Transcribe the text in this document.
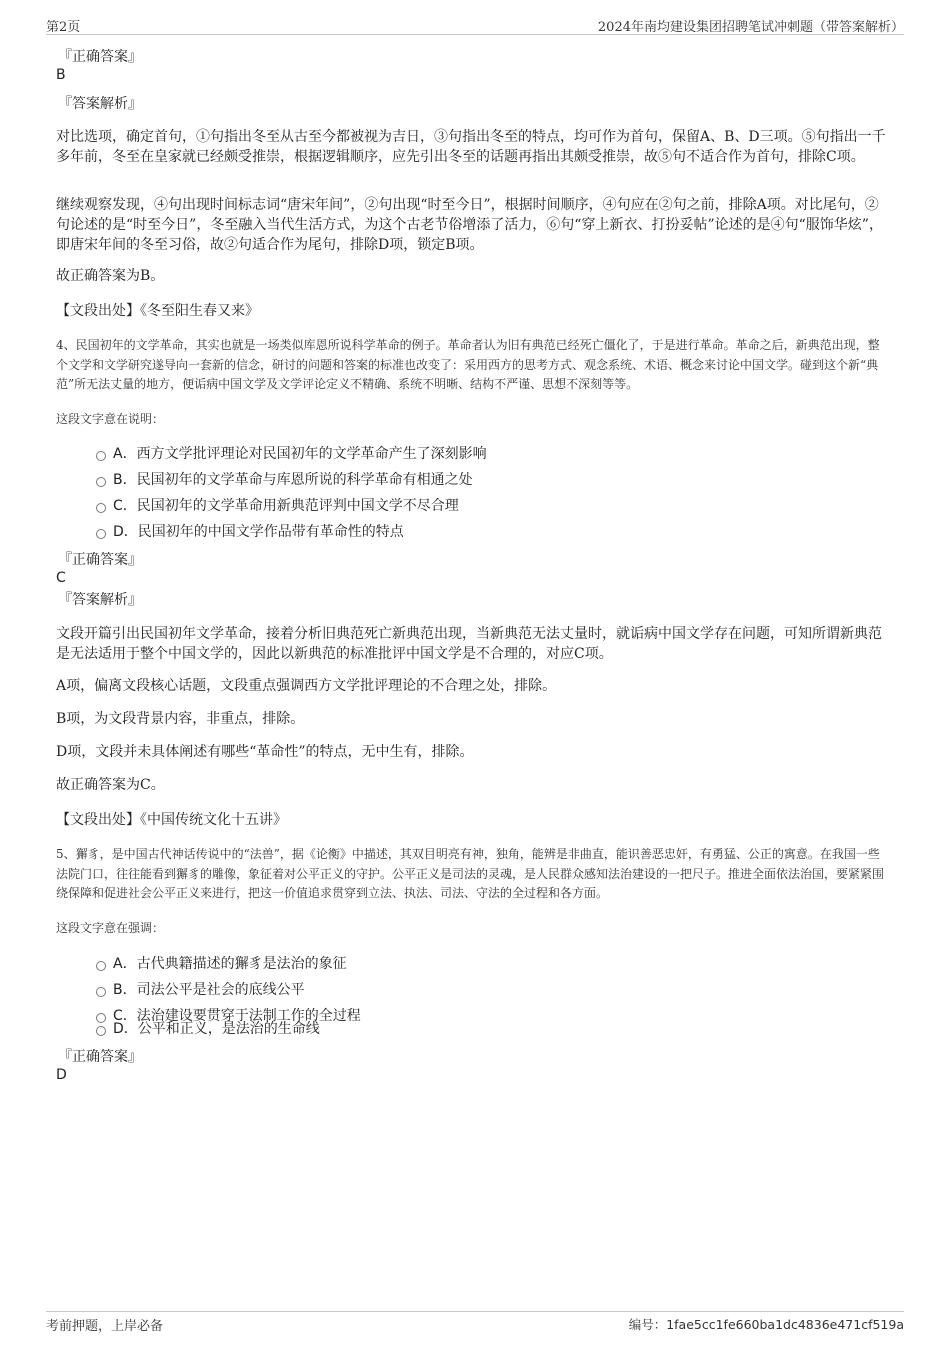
第2页	2024年南均建设集团招聘笔试冲刺题（带答案解析）
『正确答案』
B
『答案解析』
对比选项，确定首句，①句指出冬至从古至今都被视为吉日，③句指出冬至的特点，均可作为首句，保留A、B、D三项。⑤句指出一千多年前，冬至在皇家就已经颇受推崇，根据逻辑顺序，应先引出冬至的话题再指出其颇受推崇，故⑤句不适合作为首句，排除C项。
继续观察发现，④句出现时间标志词“唐宋年间”，②句出现“时至今日”，根据时间顺序，④句应在②句之前，排除A项。对比尾句，②句论述的是“时至今日”，冬至融入当代生活方式，为这个古老节俗增添了活力，⑥句“穿上新衣、打扮妥帖”论述的是④句“服饰华炫”，即唐宋年间的冬至习俗，故②句适合作为尾句，排除D项，锁定B项。
故正确答案为B。
【文段出处】《冬至阳生春又来》
4、民国初年的文学革命，其实也就是一场类似库恩所说科学革命的例子。革命者认为旧有典范已经死亡僵化了，于是进行革命。革命之后，新典范出现，整个文学和文学研究遂导向一套新的信念，研讨的问题和答案的标准也改变了：采用西方的思考方式、观念系统、术语、概念来讨论中国文学。碰到这个新“典范”所无法丈量的地方，便诟病中国文学及文学评论定义不精确、系统不明晰、结构不严谨、思想不深刻等等。
这段文字意在说明：
A．西方文学批评理论对民国初年的文学革命产生了深刻影响
B．民国初年的文学革命与库恩所说的科学革命有相通之处
C．民国初年的文学革命用新典范评判中国文学不尽合理
D．民国初年的中国文学作品带有革命性的特点
『正确答案』
C
『答案解析』
文段开篇引出民国初年文学革命，接着分析旧典范死亡新典范出现，当新典范无法丈量时，就诟病中国文学存在问题，可知所谓新典范是无法适用于整个中国文学的，因此以新典范的标准批评中国文学是不合理的，对应C项。
A项，偏离文段核心话题，文段重点强调西方文学批评理论的不合理之处，排除。
B项，为文段背景内容，非重点，排除。
D项，文段并未具体阐述有哪些“革命性”的特点，无中生有，排除。
故正确答案为C。
【文段出处】《中国传统文化十五讲》
5、獬豸，是中国古代神话传说中的“法兽”，据《论衡》中描述，其双目明亮有神，独角，能辨是非曲直，能识善恶忠奸，有勇猛、公正的寓意。在我国一些法院门口，往往能看到獬豸的雕像，象征着对公平正义的守护。公平正义是司法的灵魂，是人民群众感知法治建设的一把尺子。推进全面依法治国，要紧紧围绕保障和促进社会公平正义来进行，把这一价值追求贯穿到立法、执法、司法、守法的全过程和各方面。
这段文字意在强调：
A．古代典籍描述的獬豸是法治的象征
B．司法公平是社会的底线公平
C．法治建设要贯穿于法制工作的全过程
D．公平和正义，是法治的生命线
『正确答案』
D
考前押题，上岸必备	编号：1fae5cc1fe660ba1dc4836e471cf519a
